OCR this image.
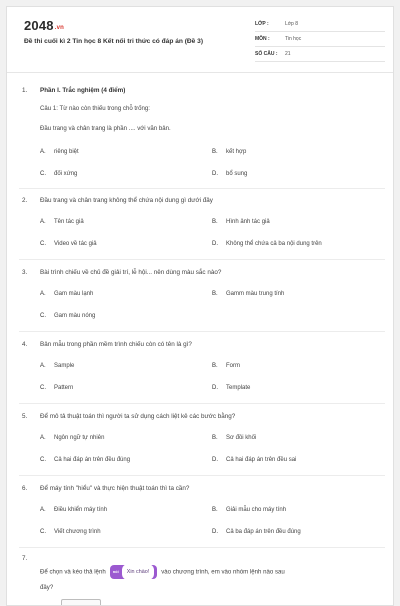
2048.vn
Đề thi cuối kì 2 Tin học 8 Kết nối tri thức có đáp án (Đề 3)
LỚP :	Lớp 8
MÔN :	Tin học
SỐ CÂU :	21
1. Phần I. Trắc nghiệm (4 điểm)
Câu 1: Từ nào còn thiếu trong chỗ trống:
Đầu trang và chân trang là phần .... với văn bản.
A. riêng biệt	B. kết hợp
C. đối xứng	D. bổ sung
2. Đầu trang và chân trang không thể chứa nội dung gì dưới đây
A. Tên tác giả	B. Hình ảnh tác giả
C. Video về tác giả	D. Không thể chứa cả ba nội dung trên
3. Bài trình chiếu về chủ đề giải trí, lễ hội... nên dùng màu sắc nào?
A. Gam màu lạnh	B. Gamm màu trung tính
C. Gam màu nóng
4. Bản mẫu trong phần mềm trình chiếu còn có tên là gì?
A. Sample	B. Form
C. Pattern	D. Template
5. Để mô tả thuật toán thì người ta sử dụng cách liệt kê các bước bằng?
A. Ngôn ngữ tự nhiên	B. Sơ đồi khối
C. Cả hai đáp án trên đều đúng	D. Cả hai đáp án trên đều sai
6. Để máy tính "hiểu" và thực hiện thuật toán thì ta cần?
A. Điều khiển máy tính	B. Giải mẫu cho máy tính
C. Viết chương trình	D. Cả ba đáp án trên đều đúng
7.
Để chọn và kéo thả lệnh nói	Xin chào!	vào chương trình, em vào nhóm lệnh nào sau
đây?
